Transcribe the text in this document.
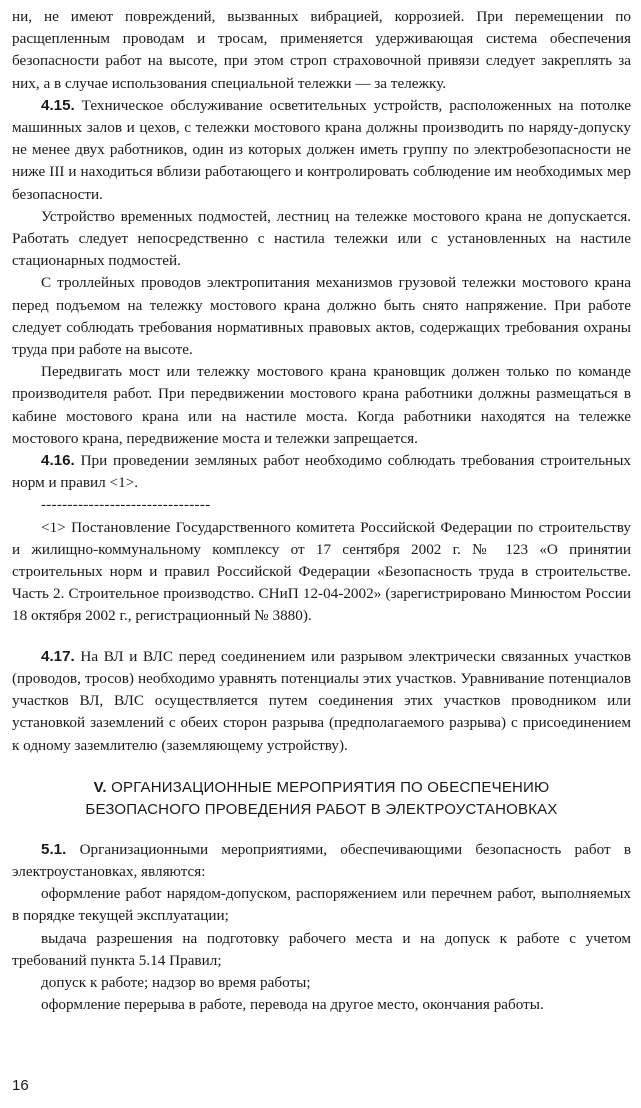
ни, не имеют повреждений, вызванных вибрацией, коррозией. При перемещении по расщепленным проводам и тросам, применяется удерживающая система обеспечения безопасности работ на высоте, при этом строп страховочной привязи следует закреплять за них, а в случае использования специальной тележки — за тележку.

4.15. Техническое обслуживание осветительных устройств, расположенных на потолке машинных залов и цехов, с тележки мостового крана должны производить по наряду-допуску не менее двух работников, один из которых должен иметь группу по электробезопасности не ниже III и находиться вблизи работающего и контролировать соблюдение им необходимых мер безопасности.

Устройство временных подмостей, лестниц на тележке мостового крана не допускается. Работать следует непосредственно с настила тележки или с установленных на настиле стационарных подмостей.

С троллейных проводов электропитания механизмов грузовой тележки мостового крана перед подъемом на тележку мостового крана должно быть снято напряжение. При работе следует соблюдать требования нормативных правовых актов, содержащих требования охраны труда при работе на высоте.

Передвигать мост или тележку мостового крана крановщик должен только по команде производителя работ. При передвижении мостового крана работники должны размещаться в кабине мостового крана или на настиле моста. Когда работники находятся на тележке мостового крана, передвижение моста и тележки запрещается.

4.16. При проведении земляных работ необходимо соблюдать требования строительных норм и правил <1>.

--------------------------------

<1> Постановление Государственного комитета Российской Федерации по строительству и жилищно-коммунальному комплексу от 17 сентября 2002 г. № 123 «О принятии строительных норм и правил Российской Федерации «Безопасность труда в строительстве. Часть 2. Строительное производство. СНиП 12-04-2002» (зарегистрировано Минюстом России 18 октября 2002 г., регистрационный № 3880).

4.17. На ВЛ и ВЛС перед соединением или разрывом электрически связанных участков (проводов, тросов) необходимо уравнять потенциалы этих участков. Уравнивание потенциалов участков ВЛ, ВЛС осуществляется путем соединения этих участков проводником или установкой заземлений с обеих сторон разрыва (предполагаемого разрыва) с присоединением к одному заземлителю (заземляющему устройству).

V. ОРГАНИЗАЦИОННЫЕ МЕРОПРИЯТИЯ ПО ОБЕСПЕЧЕНИЮ
БЕЗОПАСНОГО ПРОВЕДЕНИЯ РАБОТ В ЭЛЕКТРОУСТАНОВКАХ

5.1. Организационными мероприятиями, обеспечивающими безопасность работ в электроустановках, являются:

оформление работ нарядом-допуском, распоряжением или перечнем работ, выполняемых в порядке текущей эксплуатации;

выдача разрешения на подготовку рабочего места и на допуск к работе с учетом требований пункта 5.14 Правил;

допуск к работе; надзор во время работы;

оформление перерыва в работе, перевода на другое место, окончания работы.

16
